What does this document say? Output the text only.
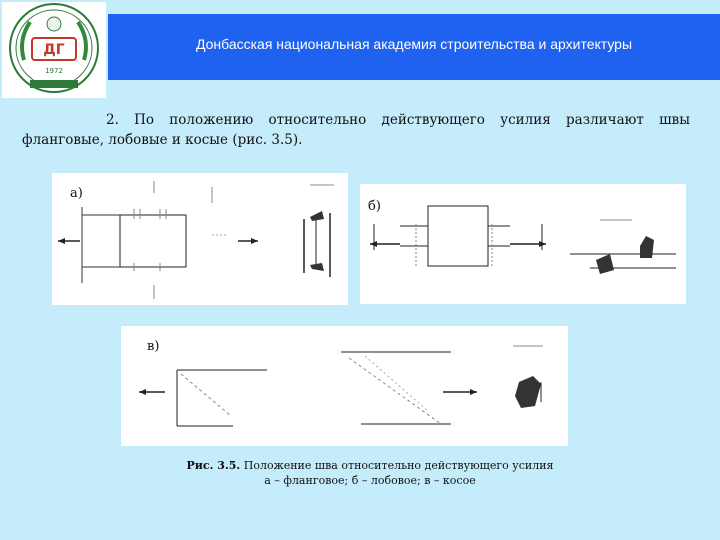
ДГ
1972
Донбасская национальная академия строительства и архитектуры
2. По положению относительно действующего усилия различают швы фланговые, лобовые и косые (рис. 3.5).
а)
б)
в)
Рис. 3.5. Положение шва относительно действующего усилия
а – фланговое; б – лобовое; в – косое
